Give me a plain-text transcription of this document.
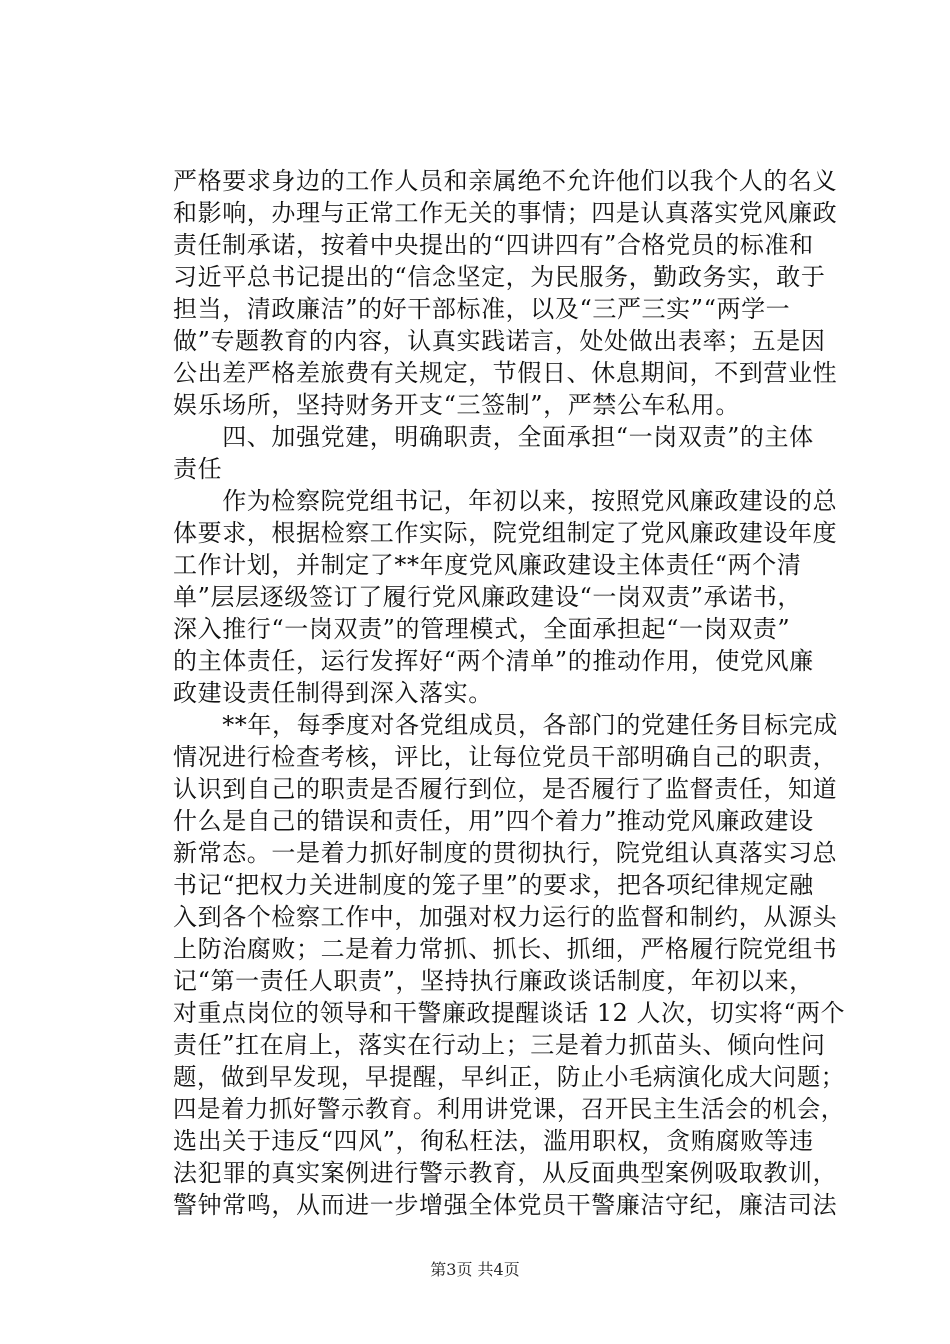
严格要求身边的工作人员和亲属绝不允许他们以我个人的名义
和影响，办理与正常工作无关的事情；四是认真落实党风廉政
责任制承诺，按着中央提出的“四讲四有”合格党员的标准和
习近平总书记提出的“信念坚定，为民服务，勤政务实，敢于
担当，清政廉洁”的好干部标准，以及“三严三实”“两学一
做”专题教育的内容，认真实践诺言，处处做出表率；五是因
公出差严格差旅费有关规定，节假日、休息期间，不到营业性
娱乐场所，坚持财务开支“三签制”，严禁公车私用。
　　四、加强党建，明确职责，全面承担“一岗双责”的主体
责任
　　作为检察院党组书记，年初以来，按照党风廉政建设的总
体要求，根据检察工作实际，院党组制定了党风廉政建设年度
工作计划，并制定了**年度党风廉政建设主体责任“两个清
单”层层逐级签订了履行党风廉政建设“一岗双责”承诺书，
深入推行“一岗双责”的管理模式，全面承担起“一岗双责”
的主体责任，运行发挥好“两个清单”的推动作用，使党风廉
政建设责任制得到深入落实。
　　**年，每季度对各党组成员，各部门的党建任务目标完成
情况进行检查考核，评比，让每位党员干部明确自己的职责，
认识到自己的职责是否履行到位，是否履行了监督责任，知道
什么是自己的错误和责任，用”四个着力”推动党风廉政建设
新常态。一是着力抓好制度的贯彻执行，院党组认真落实习总
书记“把权力关进制度的笼子里”的要求，把各项纪律规定融
入到各个检察工作中，加强对权力运行的监督和制约，从源头
上防治腐败；二是着力常抓、抓长、抓细，严格履行院党组书
记“第一责任人职责”，坚持执行廉政谈话制度，年初以来，
对重点岗位的领导和干警廉政提醒谈话 12 人次，切实将“两个
责任”扛在肩上，落实在行动上；三是着力抓苗头、倾向性问
题，做到早发现，早提醒，早纠正，防止小毛病演化成大问题；
四是着力抓好警示教育。利用讲党课，召开民主生活会的机会，
选出关于违反“四风”，徇私枉法，滥用职权，贪贿腐败等违
法犯罪的真实案例进行警示教育，从反面典型案例吸取教训，
警钟常鸣，从而进一步增强全体党员干警廉洁守纪，廉洁司法
第3页 共4页
